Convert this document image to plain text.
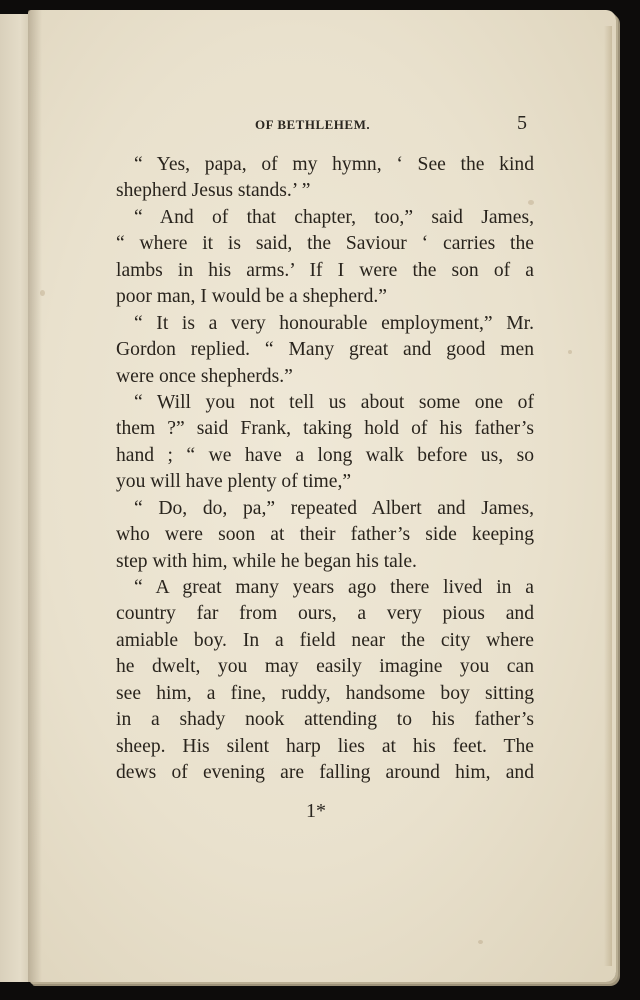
OF BETHLEHEM.	5
“ Yes, papa, of my hymn, ‘ See the kind
shepherd Jesus stands.’ ”
“ And of that chapter, too,” said James,
“ where it is said, the Saviour ‘ carries the
lambs in his arms.’ If I were the son of a
poor man, I would be a shepherd.”
“ It is a very honourable employment,” Mr.
Gordon replied. “ Many great and good men
were once shepherds.”
“ Will you not tell us about some one of
them ?” said Frank, taking hold of his father’s
hand ; “ we have a long walk before us, so
you will have plenty of time,”
“ Do, do, pa,” repeated Albert and James,
who were soon at their father’s side keeping
step with him, while he began his tale.
“ A great many years ago there lived in a
country far from ours, a very pious and
amiable boy. In a field near the city where
he dwelt, you may easily imagine you can
see him, a fine, ruddy, handsome boy sitting
in a shady nook attending to his father’s
sheep. His silent harp lies at his feet. The
dews of evening are falling around him, and
1*
